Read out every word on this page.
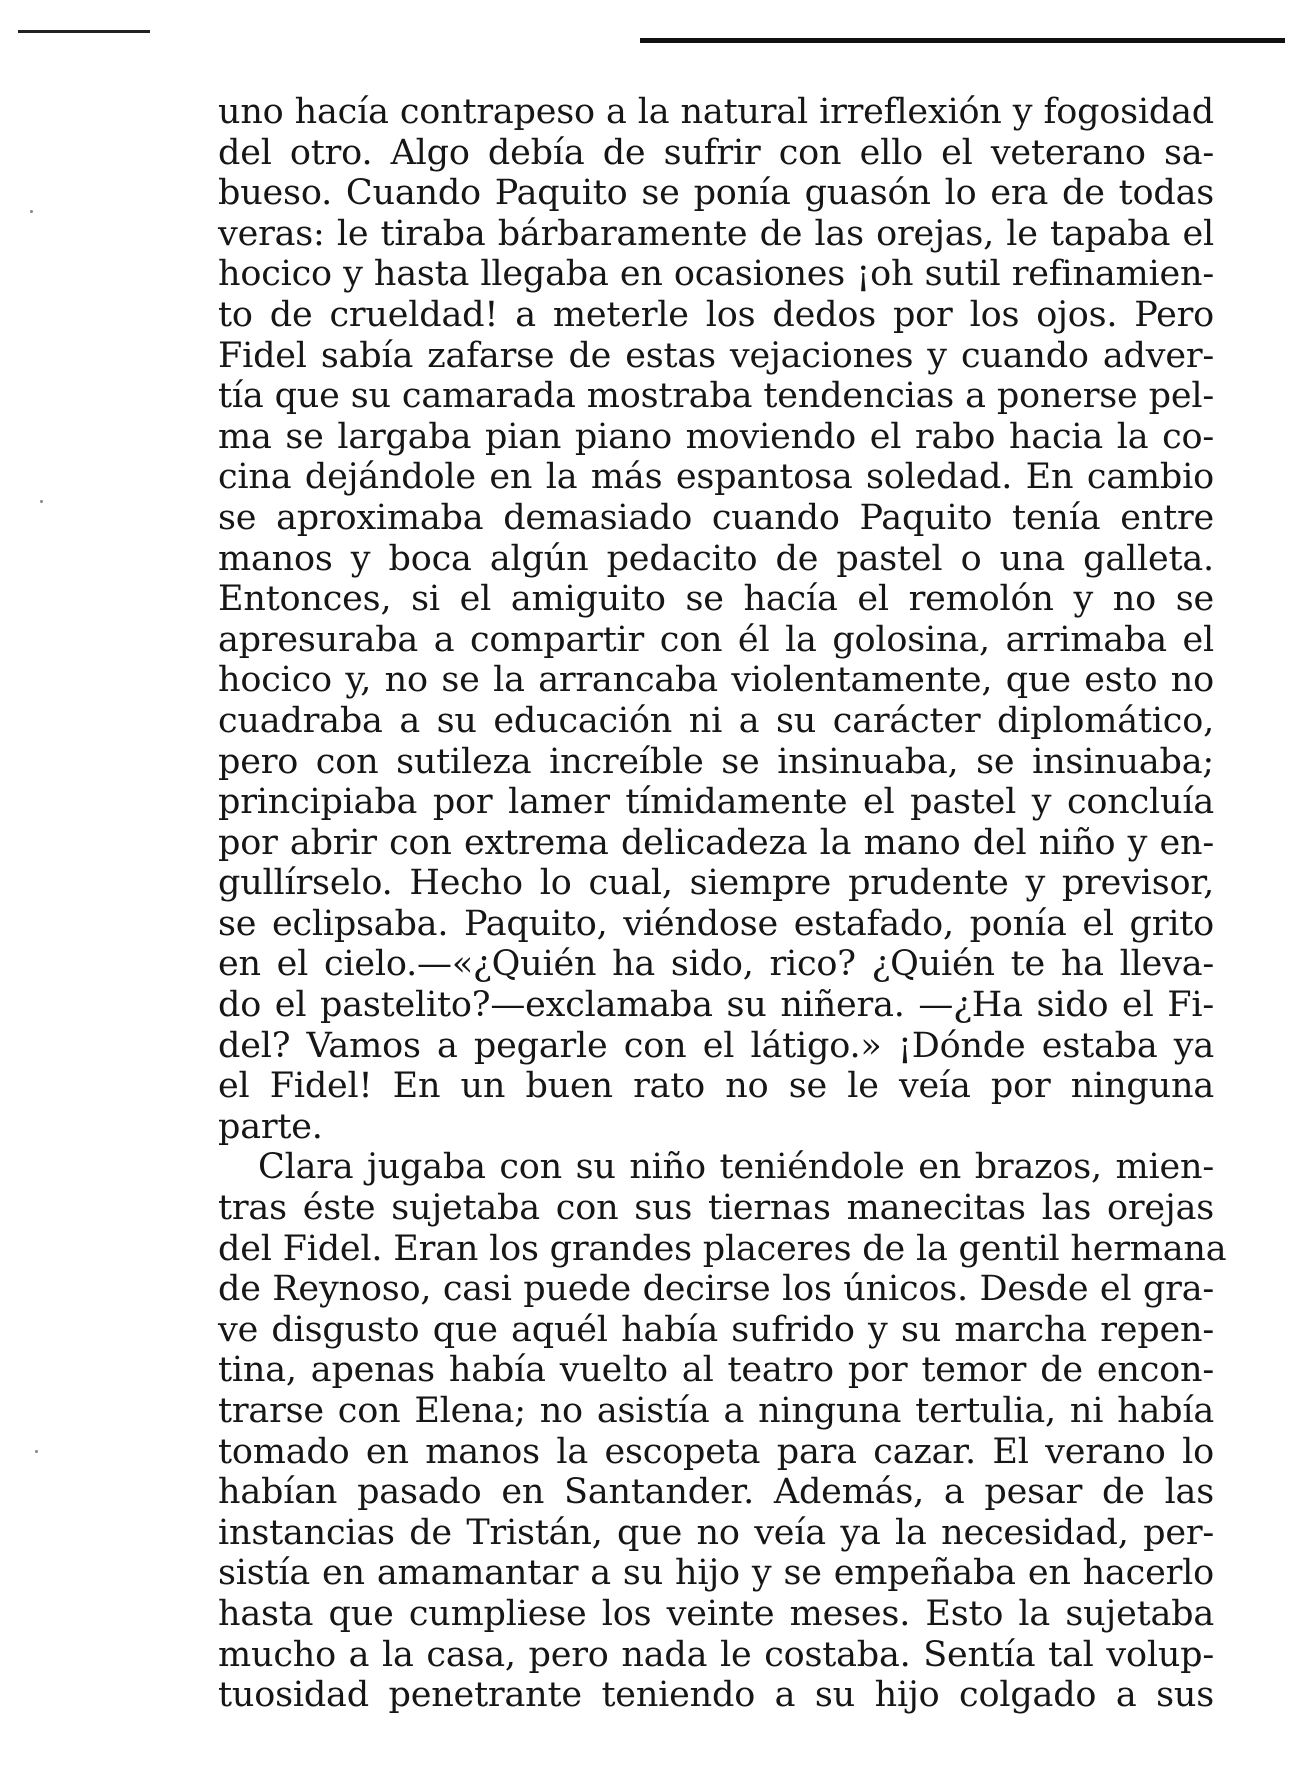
uno hacía contrapeso a la natural irreflexión y fogosidad
del otro. Algo debía de sufrir con ello el veterano sa-
bueso. Cuando Paquito se ponía guasón lo era de todas
veras: le tiraba bárbaramente de las orejas, le tapaba el
hocico y hasta llegaba en ocasiones ¡oh sutil refinamien-
to de crueldad! a meterle los dedos por los ojos. Pero
Fidel sabía zafarse de estas vejaciones y cuando adver-
tía que su camarada mostraba tendencias a ponerse pel-
ma se largaba pian piano moviendo el rabo hacia la co-
cina dejándole en la más espantosa soledad. En cambio
se aproximaba demasiado cuando Paquito tenía entre
manos y boca algún pedacito de pastel o una galleta.
Entonces, si el amiguito se hacía el remolón y no se
apresuraba a compartir con él la golosina, arrimaba el
hocico y, no se la arrancaba violentamente, que esto no
cuadraba a su educación ni a su carácter diplomático,
pero con sutileza increíble se insinuaba, se insinuaba;
principiaba por lamer tímidamente el pastel y concluía
por abrir con extrema delicadeza la mano del niño y en-
gullírselo. Hecho lo cual, siempre prudente y previsor,
se eclipsaba. Paquito, viéndose estafado, ponía el grito
en el cielo.—«¿Quién ha sido, rico? ¿Quién te ha lleva-
do el pastelito?—exclamaba su niñera. —¿Ha sido el Fi-
del? Vamos a pegarle con el látigo.» ¡Dónde estaba ya
el Fidel! En un buen rato no se le veía por ninguna
parte.
Clara jugaba con su niño teniéndole en brazos, mien-
tras éste sujetaba con sus tiernas manecitas las orejas
del Fidel. Eran los grandes placeres de la gentil hermana
de Reynoso, casi puede decirse los únicos. Desde el gra-
ve disgusto que aquél había sufrido y su marcha repen-
tina, apenas había vuelto al teatro por temor de encon-
trarse con Elena; no asistía a ninguna tertulia, ni había
tomado en manos la escopeta para cazar. El verano lo
habían pasado en Santander. Además, a pesar de las
instancias de Tristán, que no veía ya la necesidad, per-
sistía en amamantar a su hijo y se empeñaba en hacerlo
hasta que cumpliese los veinte meses. Esto la sujetaba
mucho a la casa, pero nada le costaba. Sentía tal volup-
tuosidad penetrante teniendo a su hijo colgado a sus
